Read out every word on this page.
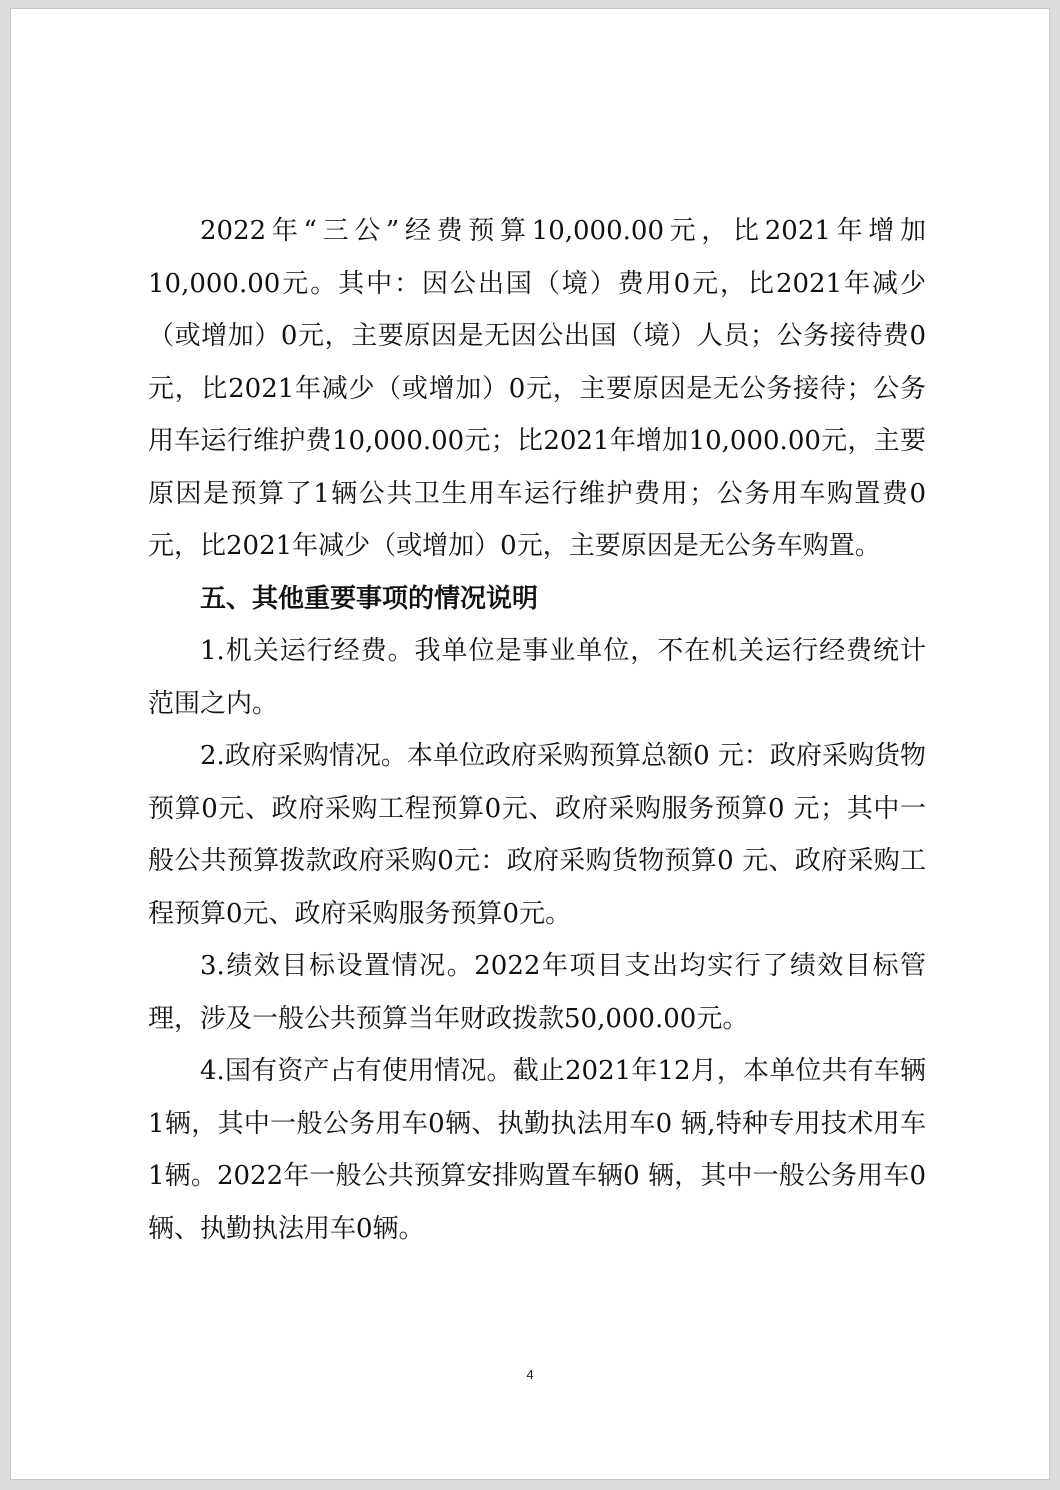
2022年“三公”经费预算10,000.00元，比2021年增加10,000.00元。其中：因公出国（境）费用0元，比2021年减少（或增加）0元，主要原因是无因公出国（境）人员；公务接待费0元，比2021年减少（或增加）0元，主要原因是无公务接待；公务用车运行维护费10,000.00元；比2021年增加10,000.00元，主要原因是预算了1辆公共卫生用车运行维护费用；公务用车购置费0元，比2021年减少（或增加）0元，主要原因是无公务车购置。

五、其他重要事项的情况说明

1.机关运行经费。我单位是事业单位，不在机关运行经费统计范围之内。

2.政府采购情况。本单位政府采购预算总额0 元：政府采购货物预算0元、政府采购工程预算0元、政府采购服务预算0 元；其中一般公共预算拨款政府采购0元：政府采购货物预算0 元、政府采购工程预算0元、政府采购服务预算0元。

3.绩效目标设置情况。2022年项目支出均实行了绩效目标管理，涉及一般公共预算当年财政拨款50,000.00元。

4.国有资产占有使用情况。截止2021年12月，本单位共有车辆1辆，其中一般公务用车0辆、执勤执法用车0 辆,特种专用技术用车1辆。2022年一般公共预算安排购置车辆0 辆，其中一般公务用车0 辆、执勤执法用车0辆。

4
